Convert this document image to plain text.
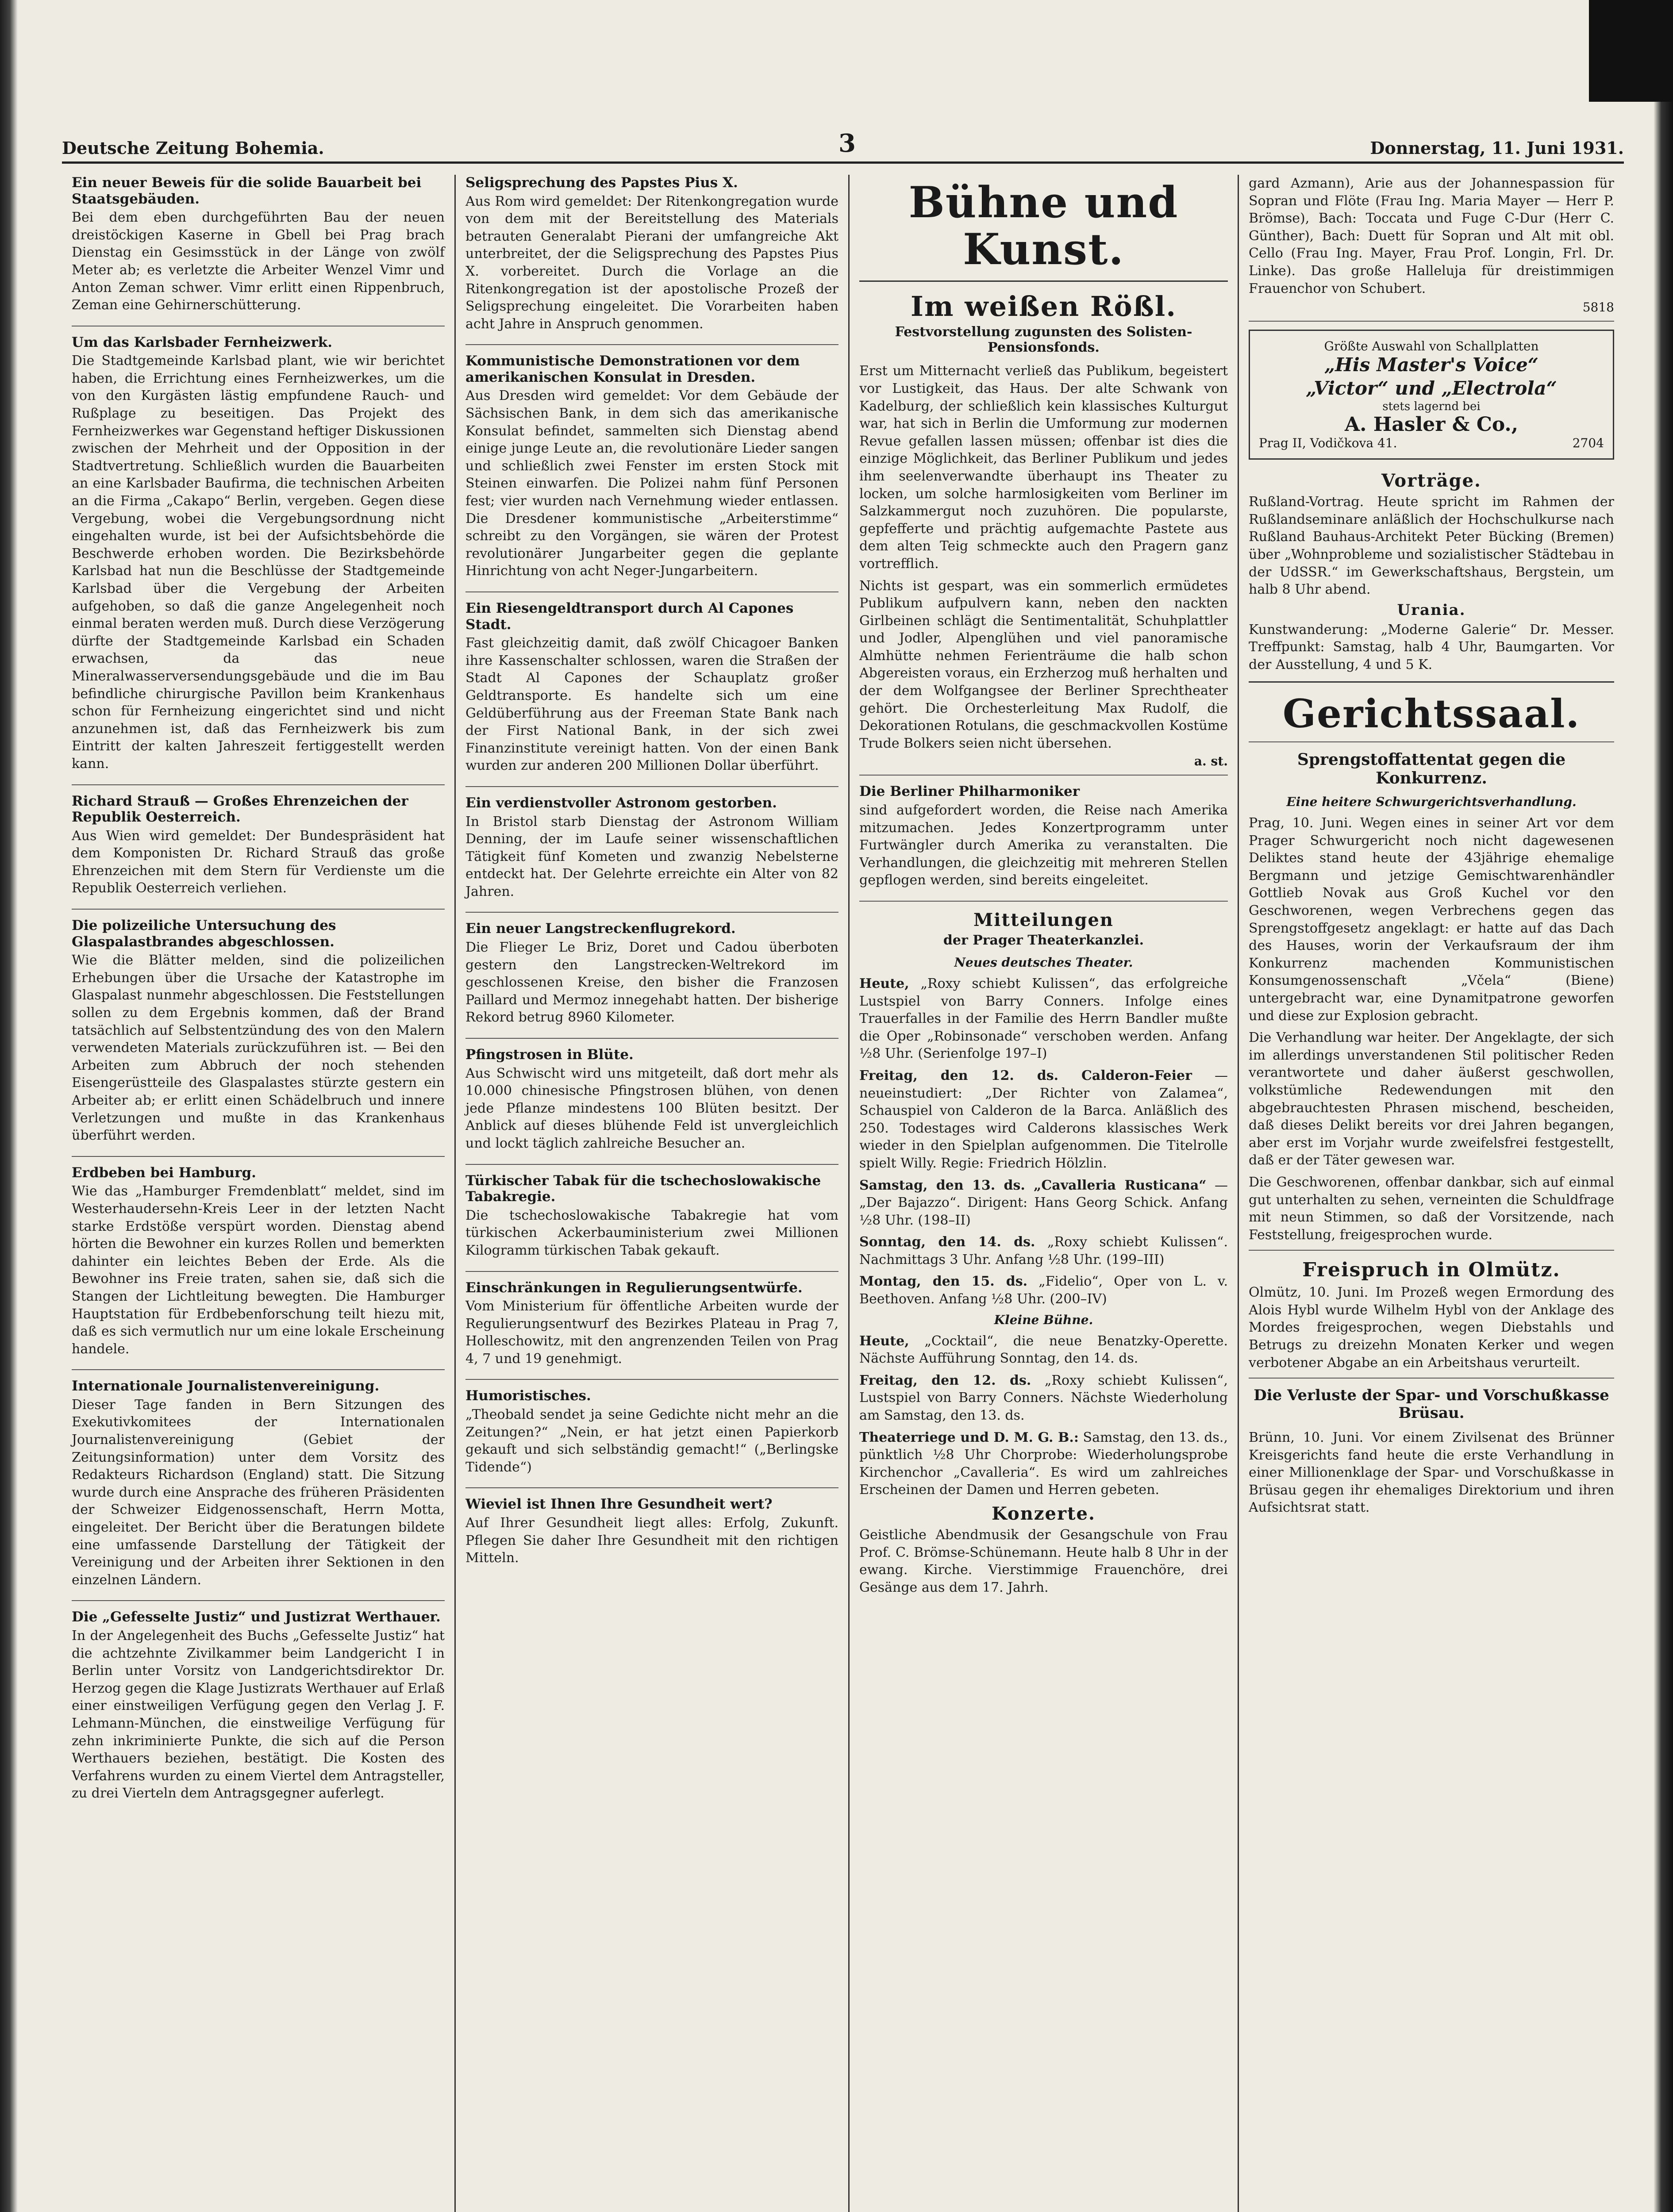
Deutsche Zeitung Bohemia.	3	Donnerstag, 11. Juni 1931.
Ein neuer Beweis für die solide Bauarbeit bei Staatsgebäuden.
Bei dem eben durchgeführten Bau der neuen dreistöckigen Kaserne in Gbell bei Prag brach Dienstag ein Gesimsstück in der Länge von zwölf Meter ab; es verletzte die Arbeiter Wenzel Vimr und Anton Zeman schwer. Vimr erlitt einen Rippenbruch, Zeman eine Gehirnerschütterung.
Um das Karlsbader Fernheizwerk.
Die Stadtgemeinde Karlsbad plant, wie wir berichtet haben, die Errichtung eines Fernheizwerkes, um die von den Kurgästen lästig empfundene Rauch- und Rußplage zu beseitigen. Das Projekt des Fernheizwerkes war Gegenstand heftiger Diskussionen zwischen der Mehrheit und der Opposition in der Stadtvertretung. Schließlich wurden die Bauarbeiten an eine Karlsbader Baufirma, die technischen Arbeiten an die Firma „Cakapo“ Berlin, vergeben. Gegen diese Vergebung, wobei die Vergebungsordnung nicht eingehalten wurde, ist bei der Aufsichtsbehörde die Beschwerde erhoben worden. Die Bezirksbehörde Karlsbad hat nun die Beschlüsse der Stadtgemeinde Karlsbad über die Vergebung der Arbeiten aufgehoben, so daß die ganze Angelegenheit noch einmal beraten werden muß. Durch diese Verzögerung dürfte der Stadtgemeinde Karlsbad ein Schaden erwachsen, da das neue Mineralwasserversendungsgebäude und die im Bau befindliche chirurgische Pavillon beim Krankenhaus schon für Fernheizung eingerichtet sind und nicht anzunehmen ist, daß das Fernheizwerk bis zum Eintritt der kalten Jahreszeit fertiggestellt werden kann.
Richard Strauß — Großes Ehrenzeichen der Republik Oesterreich.
Aus Wien wird gemeldet: Der Bundespräsident hat dem Komponisten Dr. Richard Strauß das große Ehrenzeichen mit dem Stern für Verdienste um die Republik Oesterreich verliehen.
Die polizeiliche Untersuchung des Glaspalastbrandes abgeschlossen.
Wie die Blätter melden, sind die polizeilichen Erhebungen über die Ursache der Katastrophe im Glaspalast nunmehr abgeschlossen. Die Feststellungen sollen zu dem Ergebnis kommen, daß der Brand tatsächlich auf Selbstentzündung des von den Malern verwendeten Materials zurückzuführen ist. — Bei den Arbeiten zum Abbruch der noch stehenden Eisengerüstteile des Glaspalastes stürzte gestern ein Arbeiter ab; er erlitt einen Schädelbruch und innere Verletzungen und mußte in das Krankenhaus überführt werden.
Erdbeben bei Hamburg.
Wie das „Hamburger Fremdenblatt“ meldet, sind im Westerhaudersehn-Kreis Leer in der letzten Nacht starke Erdstöße verspürt worden. Dienstag abend hörten die Bewohner ein kurzes Rollen und bemerkten dahinter ein leichtes Beben der Erde. Als die Bewohner ins Freie traten, sahen sie, daß sich die Stangen der Lichtleitung bewegten. Die Hamburger Hauptstation für Erdbebenforschung teilt hiezu mit, daß es sich vermutlich nur um eine lokale Erscheinung handele.
Internationale Journalistenvereinigung.
Dieser Tage fanden in Bern Sitzungen des Exekutivkomitees der Internationalen Journalistenvereinigung (Gebiet der Zeitungsinformation) unter dem Vorsitz des Redakteurs Richardson (England) statt. Die Sitzung wurde durch eine Ansprache des früheren Präsidenten der Schweizer Eidgenossenschaft, Herrn Motta, eingeleitet. Der Bericht über die Beratungen bildete eine umfassende Darstellung der Tätigkeit der Vereinigung und der Arbeiten ihrer Sektionen in den einzelnen Ländern.
Die „Gefesselte Justiz“ und Justizrat Werthauer.
In der Angelegenheit des Buchs „Gefesselte Justiz“ hat die achtzehnte Zivilkammer beim Landgericht I in Berlin unter Vorsitz von Landgerichtsdirektor Dr. Herzog gegen die Klage Justizrats Werthauer auf Erlaß einer einstweiligen Verfügung gegen den Verlag J. F. Lehmann-München, die einstweilige Verfügung für zehn inkriminierte Punkte, die sich auf die Person Werthauers beziehen, bestätigt. Die Kosten des Verfahrens wurden zu einem Viertel dem Antragsteller, zu drei Vierteln dem Antragsgegner auferlegt.
Seligsprechung des Papstes Pius X.
Aus Rom wird gemeldet: Der Ritenkongregation wurde von dem mit der Bereitstellung des Materials betrauten Generalabt Pierani der umfangreiche Akt unterbreitet, der die Seligsprechung des Papstes Pius X. vorbereitet. Durch die Vorlage an die Ritenkongregation ist der apostolische Prozeß der Seligsprechung eingeleitet. Die Vorarbeiten haben acht Jahre in Anspruch genommen.
Kommunistische Demonstrationen vor dem amerikanischen Konsulat in Dresden.
Aus Dresden wird gemeldet: Vor dem Gebäude der Sächsischen Bank, in dem sich das amerikanische Konsulat befindet, sammelten sich Dienstag abend einige junge Leute an, die revolutionäre Lieder sangen und schließlich zwei Fenster im ersten Stock mit Steinen einwarfen. Die Polizei nahm fünf Personen fest; vier wurden nach Vernehmung wieder entlassen. Die Dresdener kommunistische „Arbeiterstimme“ schreibt zu den Vorgängen, sie wären der Protest revolutionärer Jungarbeiter gegen die geplante Hinrichtung von acht Neger-Jungarbeitern.
Ein Riesengeldtransport durch Al Capones Stadt.
Fast gleichzeitig damit, daß zwölf Chicagoer Banken ihre Kassenschalter schlossen, waren die Straßen der Stadt Al Capones der Schauplatz großer Geldtransporte. Es handelte sich um eine Geldüberführung aus der Freeman State Bank nach der First National Bank, in der sich zwei Finanzinstitute vereinigt hatten. Von der einen Bank wurden zur anderen 200 Millionen Dollar überführt.
Ein verdienstvoller Astronom gestorben.
In Bristol starb Dienstag der Astronom William Denning, der im Laufe seiner wissenschaftlichen Tätigkeit fünf Kometen und zwanzig Nebelsterne entdeckt hat. Der Gelehrte erreichte ein Alter von 82 Jahren.
Ein neuer Langstreckenflugrekord.
Die Flieger Le Briz, Doret und Cadou überboten gestern den Langstrecken-Weltrekord im geschlossenen Kreise, den bisher die Franzosen Paillard und Mermoz innegehabt hatten. Der bisherige Rekord betrug 8960 Kilometer.
Pfingstrosen in Blüte.
Aus Schwischt wird uns mitgeteilt, daß dort mehr als 10.000 chinesische Pfingstrosen blühen, von denen jede Pflanze mindestens 100 Blüten besitzt. Der Anblick auf dieses blühende Feld ist unvergleichlich und lockt täglich zahlreiche Besucher an.
Türkischer Tabak für die tschechoslowakische Tabakregie.
Die tschechoslowakische Tabakregie hat vom türkischen Ackerbauministerium zwei Millionen Kilogramm türkischen Tabak gekauft.
Einschränkungen in Regulierungsentwürfe.
Vom Ministerium für öffentliche Arbeiten wurde der Regulierungsentwurf des Bezirkes Plateau in Prag 7, Holleschowitz, mit den angrenzenden Teilen von Prag 4, 7 und 19 genehmigt.
Humoristisches.
„Theobald sendet ja seine Gedichte nicht mehr an die Zeitungen?“ „Nein, er hat jetzt einen Papierkorb gekauft und sich selbständig gemacht!“ („Berlingske Tidende“)
Wieviel ist Ihnen Ihre Gesundheit wert?
Auf Ihrer Gesundheit liegt alles: Erfolg, Zukunft. Pflegen Sie daher Ihre Gesundheit mit den richtigen Mitteln.
Bühne und Kunst.
Im weißen Rößl.
Festvorstellung zugunsten des Solisten-Pensionsfonds.
Erst um Mitternacht verließ das Publikum, begeistert vor Lustigkeit, das Haus. Der alte Schwank von Kadelburg, der schließlich kein klassisches Kulturgut war, hat sich in Berlin die Umformung zur modernen Revue gefallen lassen müssen; offenbar ist dies die einzige Möglichkeit, das Berliner Publikum und jedes ihm seelenverwandte überhaupt ins Theater zu locken, um solche harmlosigkeiten vom Berliner im Salzkammergut noch zuzuhören. Die popularste, gepfefferte und prächtig aufgemachte Pastete aus dem alten Teig schmeckte auch den Pragern ganz vortrefflich.
Nichts ist gespart, was ein sommerlich ermüdetes Publikum aufpulvern kann, neben den nackten Girlbeinen schlägt die Sentimentalität, Schuhplattler und Jodler, Alpenglühen und viel panoramische Almhütte nehmen Ferienträume die halb schon Abgereisten voraus, ein Erzherzog muß herhalten und der dem Wolfgangsee der Berliner Sprechtheater gehört. Die Orchesterleitung Max Rudolf, die Dekorationen Rotulans, die geschmackvollen Kostüme Trude Bolkers seien nicht übersehen.
a. st.
Die Berliner Philharmoniker
sind aufgefordert worden, die Reise nach Amerika mitzumachen. Jedes Konzertprogramm unter Furtwängler durch Amerika zu veranstalten. Die Verhandlungen, die gleichzeitig mit mehreren Stellen gepflogen werden, sind bereits eingeleitet.
Mitteilungen
der Prager Theaterkanzlei.
Neues deutsches Theater.
Heute, „Roxy schiebt Kulissen“, das erfolgreiche Lustspiel von Barry Conners. Infolge eines Trauerfalles in der Familie des Herrn Bandler mußte die Oper „Robinsonade“ verschoben werden. Anfang ½8 Uhr. (Serienfolge 197–I)
Freitag, den 12. ds. Calderon-Feier — neueinstudiert: „Der Richter von Zalamea“, Schauspiel von Calderon de la Barca. Anläßlich des 250. Todestages wird Calderons klassisches Werk wieder in den Spielplan aufgenommen. Die Titelrolle spielt Willy. Regie: Friedrich Hölzlin.
Samstag, den 13. ds. „Cavalleria Rusticana“ — „Der Bajazzo“. Dirigent: Hans Georg Schick. Anfang ½8 Uhr. (198–II)
Sonntag, den 14. ds. „Roxy schiebt Kulissen“. Nachmittags 3 Uhr. Anfang ½8 Uhr. (199–III)
Montag, den 15. ds. „Fidelio“, Oper von L. v. Beethoven. Anfang ½8 Uhr. (200–IV)
Kleine Bühne.
Heute, „Cocktail“, die neue Benatzky-Operette. Nächste Aufführung Sonntag, den 14. ds.
Freitag, den 12. ds. „Roxy schiebt Kulissen“, Lustspiel von Barry Conners. Nächste Wiederholung am Samstag, den 13. ds.
Theaterriege und D. M. G. B.: Samstag, den 13. ds., pünktlich ½8 Uhr Chorprobe: Wiederholungsprobe Kirchenchor „Cavalleria“. Es wird um zahlreiches Erscheinen der Damen und Herren gebeten.
Konzerte.
Geistliche Abendmusik der Gesangschule von Frau Prof. C. Brömse-Schünemann. Heute halb 8 Uhr in der ewang. Kirche. Vierstimmige Frauenchöre, drei Gesänge aus dem 17. Jahrh.
gard Azmann), Arie aus der Johannespassion für Sopran und Flöte (Frau Ing. Maria Mayer — Herr P. Brömse), Bach: Toccata und Fuge C-Dur (Herr C. Günther), Bach: Duett für Sopran und Alt mit obl. Cello (Frau Ing. Mayer, Frau Prof. Longin, Frl. Dr. Linke). Das große Halleluja für dreistimmigen Frauenchor von Schubert.
5818
Größte Auswahl von Schallplatten
„His Master's Voice“
„Victor“ und „Electrola“
stets lagernd bei
A. Hasler & Co.,
Prag II, Vodičkova 41.	2704
Vorträge.
Rußland-Vortrag. Heute spricht im Rahmen der Rußlandseminare anläßlich der Hochschulkurse nach Rußland Bauhaus-Architekt Peter Bücking (Bremen) über „Wohnprobleme und sozialistischer Städtebau in der UdSSR.“ im Gewerkschaftshaus, Bergstein, um halb 8 Uhr abend.
Urania.
Kunstwanderung: „Moderne Galerie“ Dr. Messer. Treffpunkt: Samstag, halb 4 Uhr, Baumgarten. Vor der Ausstellung, 4 und 5 K.
Gerichtssaal.
Sprengstoffattentat gegen die Konkurrenz.
Eine heitere Schwurgerichtsverhandlung.
Prag, 10. Juni. Wegen eines in seiner Art vor dem Prager Schwurgericht noch nicht dagewesenen Deliktes stand heute der 43jährige ehemalige Bergmann und jetzige Gemischtwarenhändler Gottlieb Novak aus Groß Kuchel vor den Geschworenen, wegen Verbrechens gegen das Sprengstoffgesetz angeklagt: er hatte auf das Dach des Hauses, worin der Verkaufsraum der ihm Konkurrenz machenden Kommunistischen Konsumgenossenschaft „Včela“ (Biene) untergebracht war, eine Dynamitpatrone geworfen und diese zur Explosion gebracht.
Die Verhandlung war heiter. Der Angeklagte, der sich im allerdings unverstandenen Stil politischer Reden verantwortete und daher äußerst geschwollen, volkstümliche Redewendungen mit den abgebrauchtesten Phrasen mischend, bescheiden, daß dieses Delikt bereits vor drei Jahren begangen, aber erst im Vorjahr wurde zweifelsfrei festgestellt, daß er der Täter gewesen war.
Die Geschworenen, offenbar dankbar, sich auf einmal gut unterhalten zu sehen, verneinten die Schuldfrage mit neun Stimmen, so daß der Vorsitzende, nach Feststellung, freigesprochen wurde.
Freispruch in Olmütz.
Olmütz, 10. Juni. Im Prozeß wegen Ermordung des Alois Hybl wurde Wilhelm Hybl von der Anklage des Mordes freigesprochen, wegen Diebstahls und Betrugs zu dreizehn Monaten Kerker und wegen verbotener Abgabe an ein Arbeitshaus verurteilt.
Die Verluste der Spar- und Vorschußkasse Brüsau.
Brünn, 10. Juni. Vor einem Zivilsenat des Brünner Kreisgerichts fand heute die erste Verhandlung in einer Millionenklage der Spar- und Vorschußkasse in Brüsau gegen ihr ehemaliges Direktorium und ihren Aufsichtsrat statt.
